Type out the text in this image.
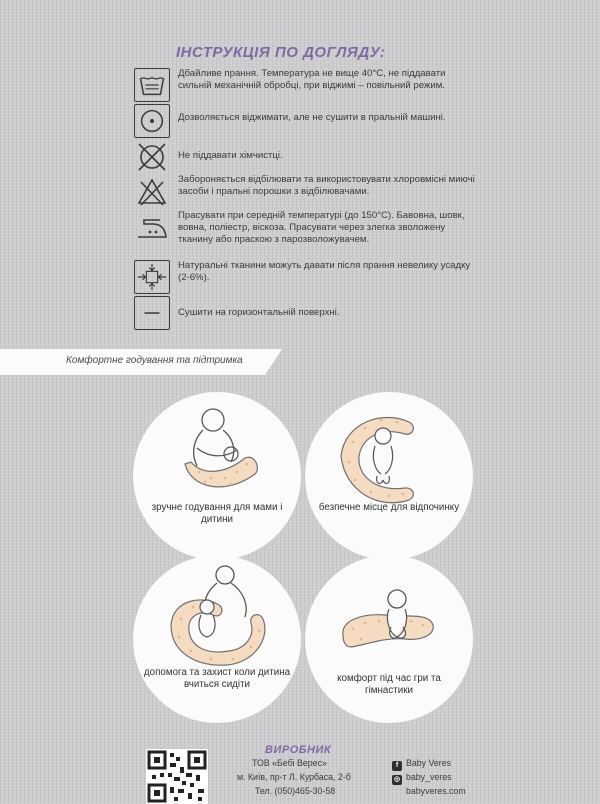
ІНСТРУКЦІЯ ПО ДОГЛЯДУ:
Дбайливе прання. Температура не вище 40°С, не піддавати сильній механічній обробці, при віджимі – повільний режим.
Дозволяється віджимати, але не сушити в пральній машині.
Не піддавати хімчистці.
Забороняється відбілювати та використовувати хлоровмісні миючі засоби і пральні порошки з відбілювачами.
Прасувати при середній температурі (до 150°С). Бавовна, шовк, вовна, поліестр, віскоза. Прасувати через злегка зволожену тканину або праскою з парозволожувачем.
Натуральні тканини можуть давати після прання невелику усадку (2-6%).
Сушити на горизонтальній поверхні.
Комфортне годування та підтримка
зручне годування для мами і дитини
безпечне місце для відпочинку
допомога та захист коли дитина вчиться сидіти	комфорт під час гри та гімнастики
ВИРОБНИК
ТОВ «Бебі Верес»
м. Київ, пр-т Л. Курбаса, 2-б
Тел. (050)465-30-58
f Baby Veres
◎ baby_veres
babyveres.com
